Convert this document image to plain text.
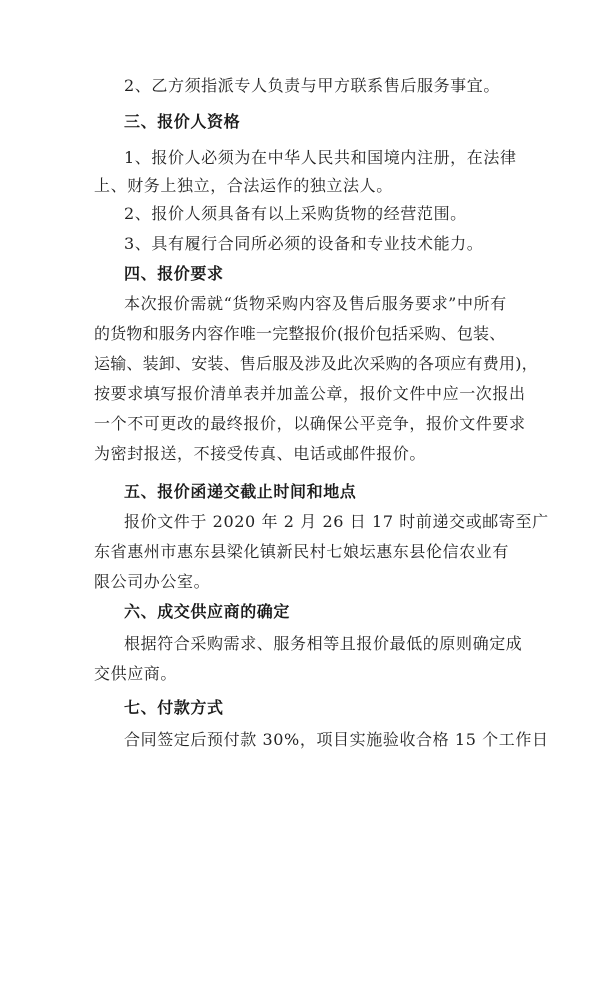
2、乙方须指派专人负责与甲方联系售后服务事宜。
三、报价人资格
1、报价人必须为在中华人民共和国境内注册，在法律
上、财务上独立，合法运作的独立法人。
2、报价人须具备有以上采购货物的经营范围。
3、具有履行合同所必须的设备和专业技术能力。
四、报价要求
本次报价需就“货物采购内容及售后服务要求”中所有
的货物和服务内容作唯一完整报价(报价包括采购、包装、
运输、装卸、安装、售后服及涉及此次采购的各项应有费用)，
按要求填写报价清单表并加盖公章，报价文件中应一次报出
一个不可更改的最终报价，以确保公平竞争，报价文件要求
为密封报送，不接受传真、电话或邮件报价。
五、报价函递交截止时间和地点
报价文件于 2020 年 2 月 26 日 17 时前递交或邮寄至广
东省惠州市惠东县梁化镇新民村七娘坛惠东县伦信农业有
限公司办公室。
六、成交供应商的确定
根据符合采购需求、服务相等且报价最低的原则确定成
交供应商。
七、付款方式
合同签定后预付款 30%，项目实施验收合格 15 个工作日
